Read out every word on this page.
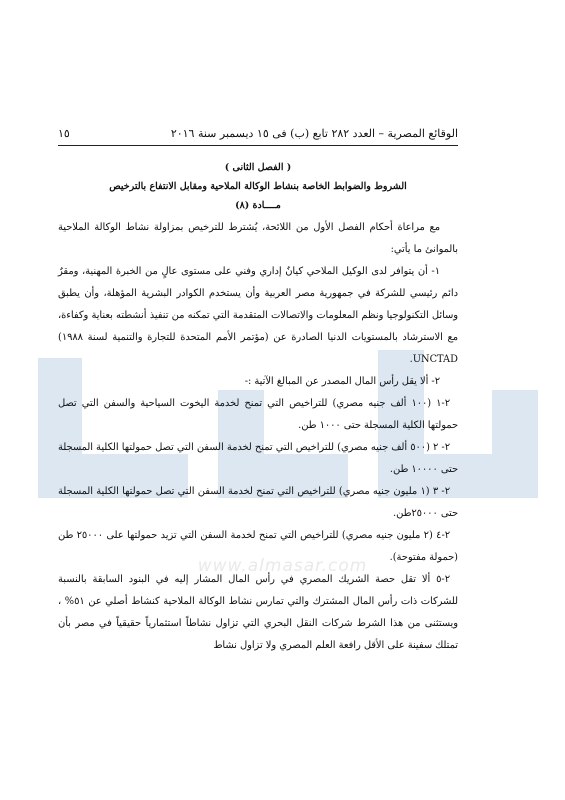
www.almasar.com
الوقائع المصرية – العدد ٢٨٢ تابع (ب) فى ١٥ ديسمبر سنة ٢٠١٦
١٥
( الفصل الثانى )
الشروط والضوابط الخاصة بنشاط الوكالة الملاحية ومقابل الانتفاع بالترخيص
مــــادة (٨)

مع مراعاة أحكام الفصل الأول من اللائحة، يُشترط للترخيص بمزاولة نشاط الوكالة الملاحية بالموانئ ما يأتي:

١- أن يتوافر لدى الوكيل الملاحي كيانٌ إداري وفني على مستوى عالٍ من الخبرة المهنية، ومقرٌ دائم رئيسي للشركة في جمهورية مصر العربية وأن يستخدم الكوادر البشرية المؤهلة، وأن يطبق وسائل التكنولوجيا ونظم المعلومات والاتصالات المتقدمة التي تمكنه من تنفيذ أنشطته بعناية وكفاءة، مع الاسترشاد بالمستويات الدنيا الصادرة عن (مؤتمر الأمم المتحدة للتجارة والتنمية لسنة ١٩٨٨) UNCTAD.

٢- ألا يقل رأس المال المصدر عن المبالغ الآتية :-

٢-١ (١٠٠ ألف جنيه مصري) للتراخيص التي تمنح لخدمة اليخوت السياحية والسفن التي تصل حمولتها الكلية المسجلة حتى ١٠٠٠ طن.

٢- ٢ (٥٠٠ ألف جنيه مصري) للتراخيص التي تمنح لخدمة السفن التي تصل حمولتها الكلية المسجلة حتى ١٠٠٠٠ طن.

٢- ٣ (١ مليون جنيه مصري) للتراخيص التي تمنح لخدمة السفن التي تصل حمولتها الكلية المسجلة حتى ٢٥٠٠٠طن.

٢-٤ (٢ مليون جنيه مصري) للتراخيص التي تمنح لخدمة السفن التي تزيد حمولتها على ٢٥٠٠٠ طن (حمولة مفتوحة).

٢-٥ ألا تقل حصة الشريك المصري في رأس المال المشار إليه في البنود السابقة بالنسبة للشركات ذات رأس المال المشترك والتي تمارس نشاط الوكالة الملاحية كنشاط أصلي عن ٥١% ، ويستثنى من هذا الشرط شركات النقل البحري التي تزاول نشاطاً استثمارياً حقيقياً في مصر بأن تمتلك سفينة على الأقل رافعة العلم المصري ولا تزاول نشاط
